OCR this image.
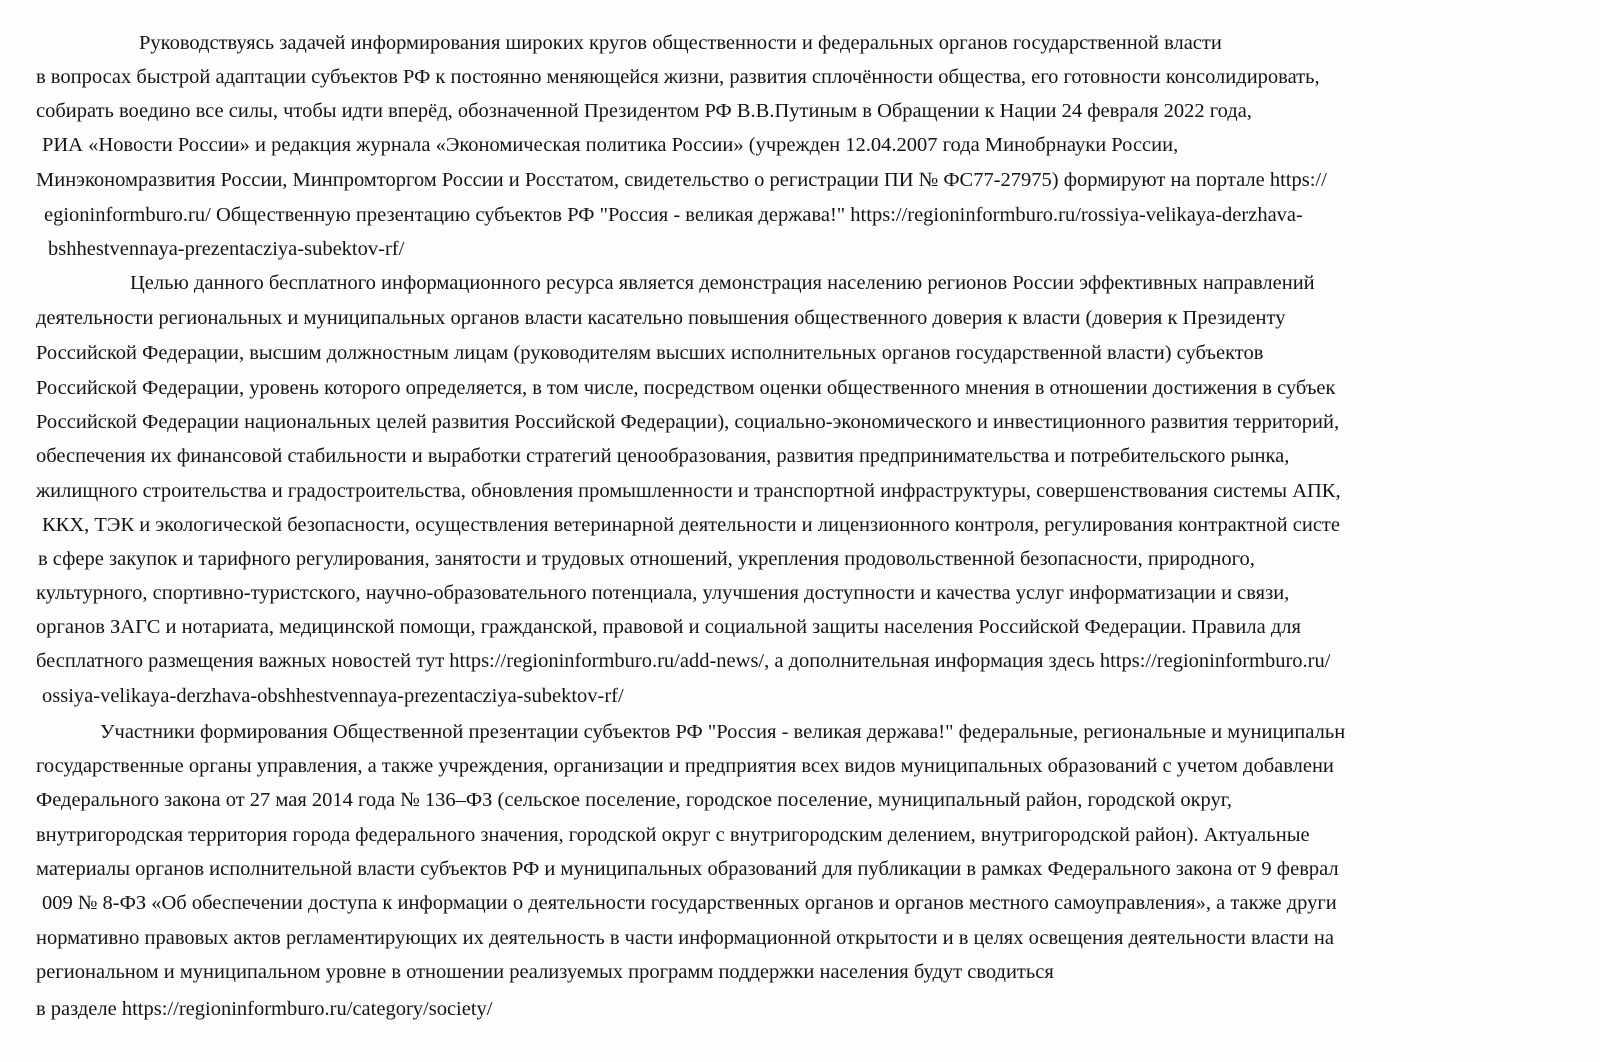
Руководствуясь задачей информирования широких кругов общественности и федеральных органов государственной власти
в вопросах быстрой адаптации субъектов РФ к постоянно меняющейся жизни, развития сплочённости общества, его готовности консолидировать,
собирать воедино все силы, чтобы идти вперёд, обозначенной Президентом РФ В.В.Путиным в Обращении к Нации 24 февраля 2022 года,
РИА «Новости России» и редакция журнала «Экономическая политика России» (учрежден 12.04.2007 года Минобрнауки России,
Минэкономразвития России, Минпромторгом России и Росстатом, свидетельство о регистрации ПИ № ФС77-27975) формируют на портале https://
egioninformburo.ru/ Общественную презентацию субъектов РФ "Россия - великая держава!" https://regioninformburo.ru/rossiya-velikaya-derzhava-
bshhestvennaya-prezentacziya-subektov-rf/
Целью данного бесплатного информационного ресурса является демонстрация населению регионов России эффективных направлений
деятельности региональных и муниципальных органов власти касательно повышения общественного доверия к власти (доверия к Президенту
Российской Федерации, высшим должностным лицам (руководителям высших исполнительных органов государственной власти) субъектов
Российской Федерации, уровень которого определяется, в том числе, посредством оценки общественного мнения в отношении достижения в субъек
Российской Федерации национальных целей развития Российской Федерации), социально-экономического и инвестиционного развития территорий,
обеспечения их финансовой стабильности и выработки стратегий ценообразования, развития предпринимательства и потребительского рынка,
жилищного строительства и градостроительства, обновления промышленности и транспортной инфраструктуры, совершенствования системы АПК,
ККХ, ТЭК и экологической безопасности, осуществления ветеринарной деятельности и лицензионного контроля, регулирования контрактной систе
в сфере закупок и тарифного регулирования, занятости и трудовых отношений, укрепления продовольственной безопасности, природного,
культурного, спортивно-туристского, научно-образовательного потенциала, улучшения доступности и качества услуг информатизации и связи,
органов ЗАГС и нотариата, медицинской помощи, гражданской, правовой и социальной защиты населения Российской Федерации. Правила для
бесплатного размещения важных новостей тут https://regioninformburo.ru/add-news/, а дополнительная информация здесь https://regioninformburo.ru/
ossiya-velikaya-derzhava-obshhestvennaya-prezentacziya-subektov-rf/
Участники формирования Общественной презентации субъектов РФ "Россия - великая держава!" федеральные, региональные и муниципальн
государственные органы управления, а также учреждения, организации и предприятия всех видов муниципальных образований с учетом добавлени
Федерального закона от 27 мая 2014 года № 136–ФЗ (сельское поселение, городское поселение, муниципальный район, городской округ,
внутригородская территория города федерального значения, городской округ с внутригородским делением, внутригородской район). Актуальные
материалы органов исполнительной власти субъектов РФ и муниципальных образований для публикации в рамках Федерального закона от 9 феврал
009 № 8-ФЗ «Об обеспечении доступа к информации о деятельности государственных органов и органов местного самоуправления», а также други
нормативно правовых актов регламентирующих их деятельность в части информационной открытости и в целях освещения деятельности власти на
региональном и муниципальном уровне в отношении реализуемых программ поддержки населения будут сводиться
в разделе https://regioninformburo.ru/category/society/
